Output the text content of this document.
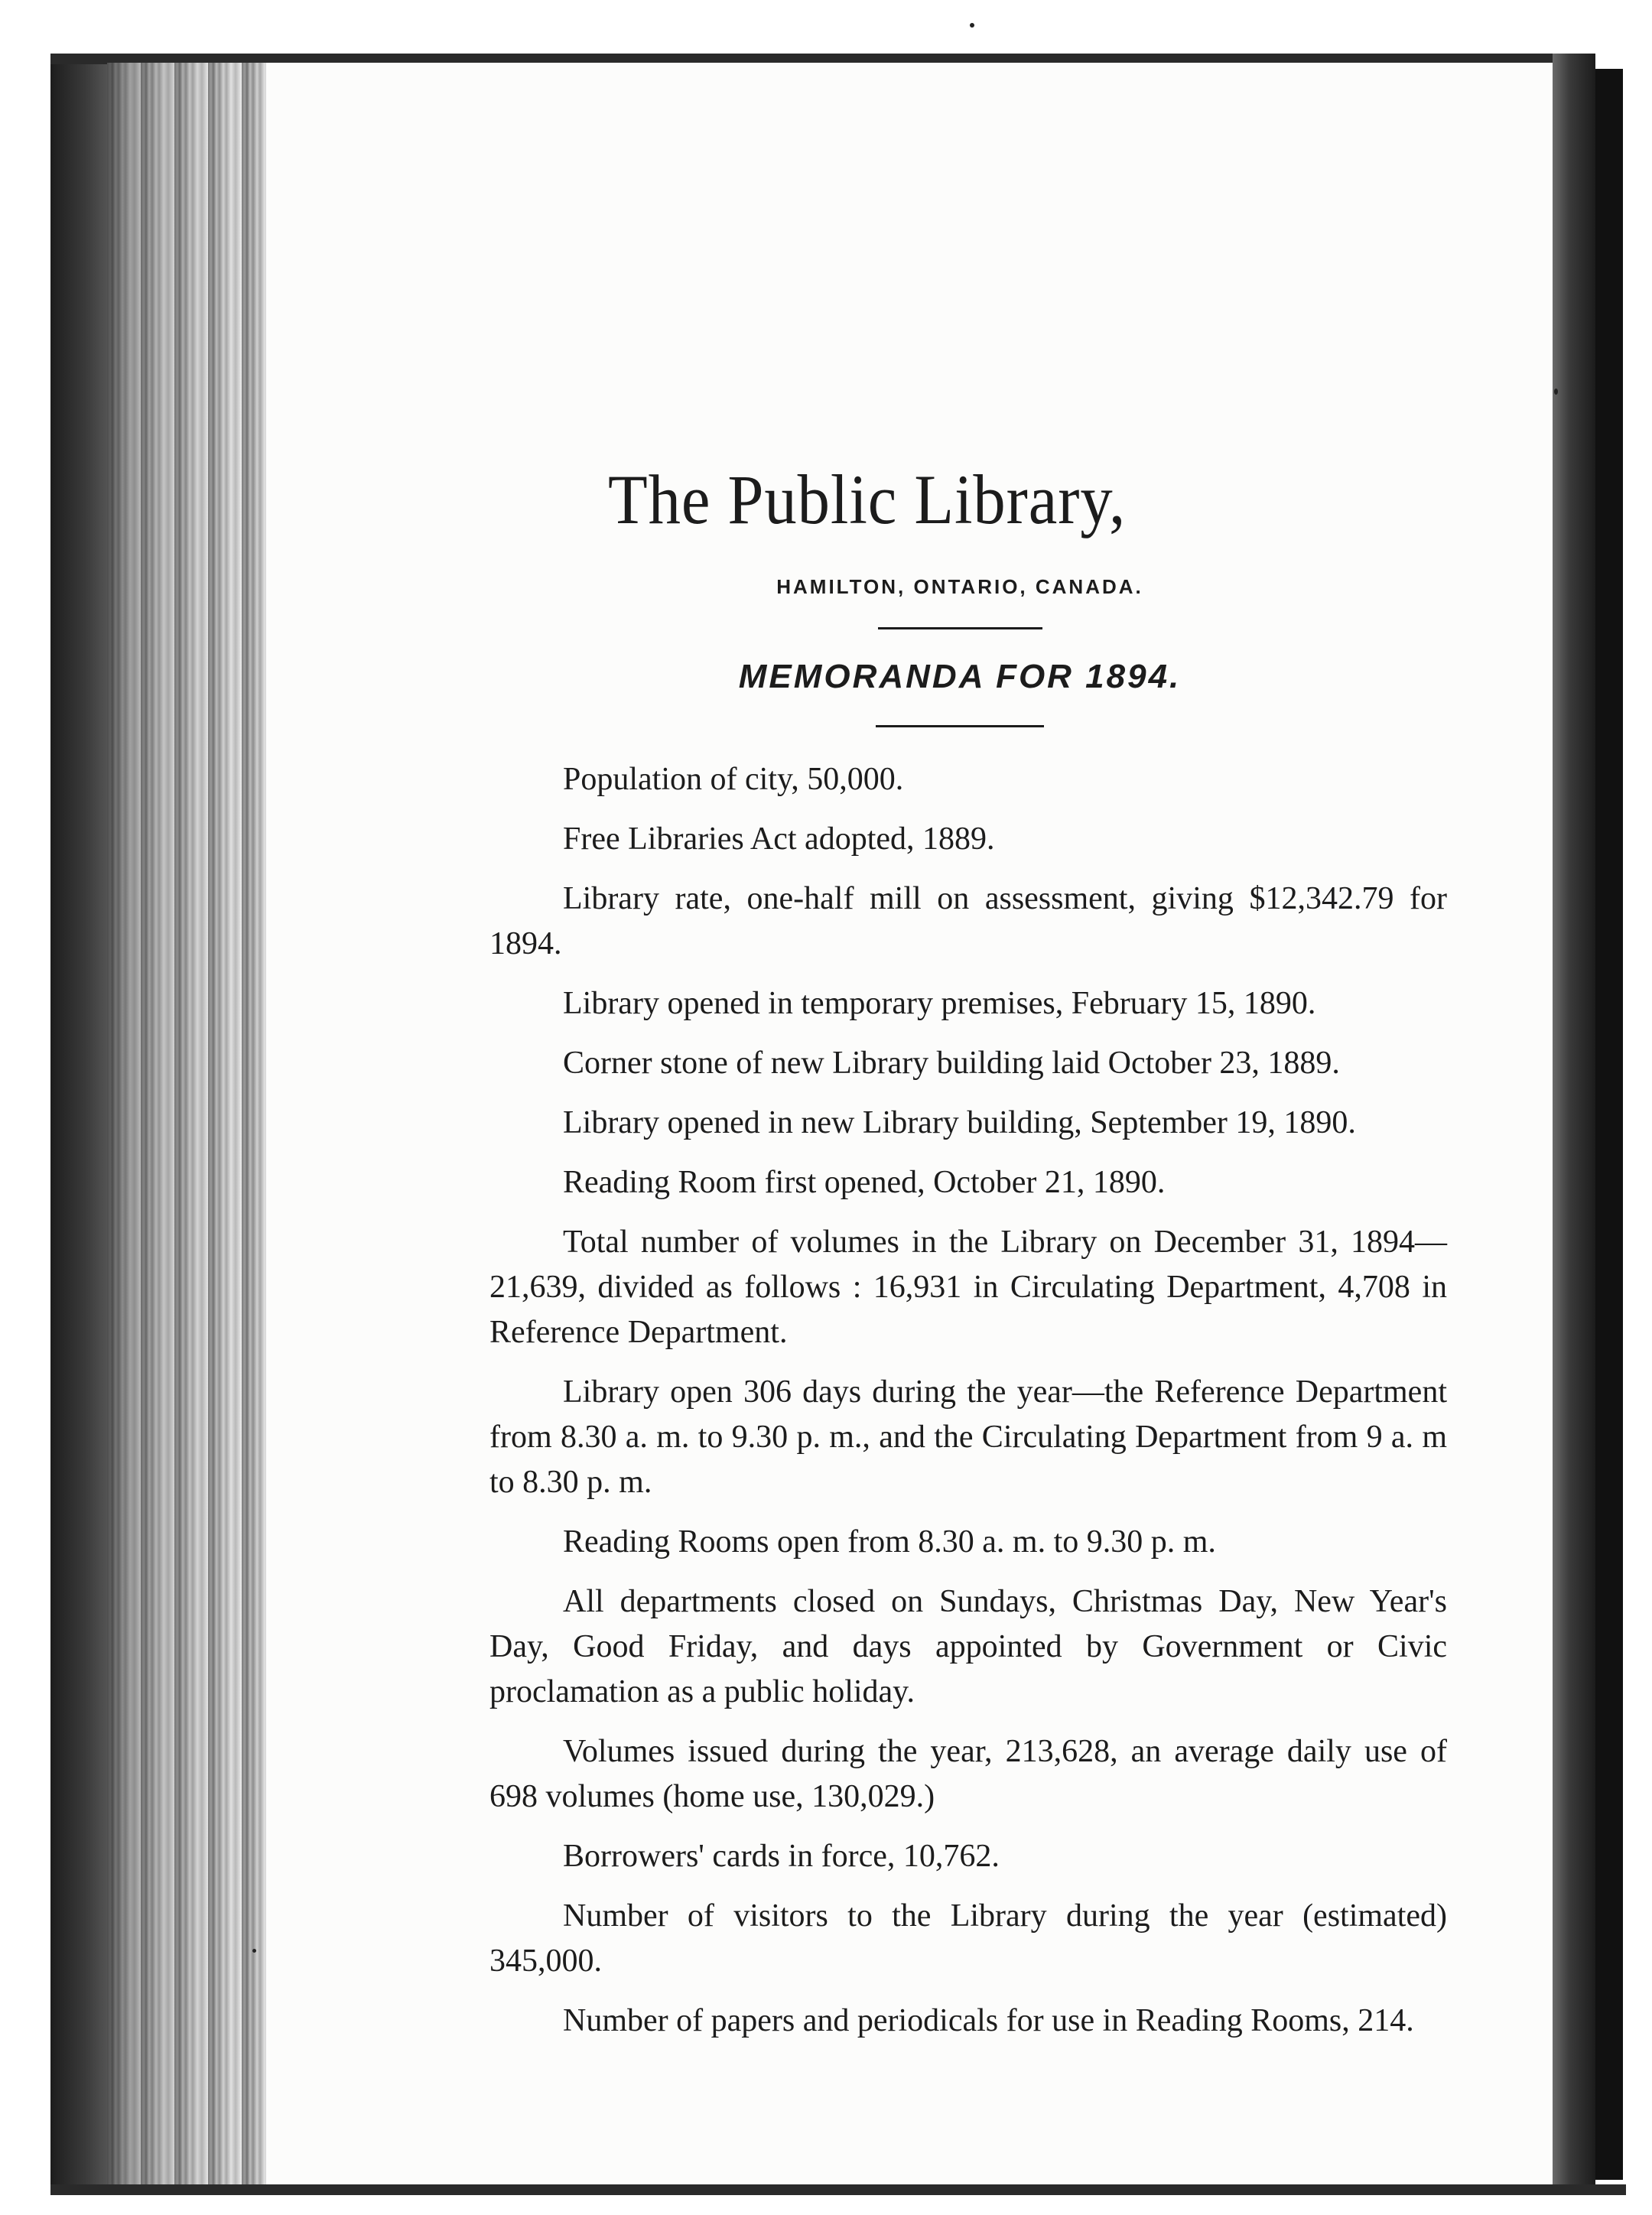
The Public Library,
HAMILTON, ONTARIO, CANADA.
MEMORANDA FOR 1894.
Population of city, 50,000.
Free Libraries Act adopted, 1889.
Library rate, one-half mill on assessment, giving $12,342.79 for 1894.
Library opened in temporary premises, February 15, 1890.
Corner stone of new Library building laid October 23, 1889.
Library opened in new Library building, September 19, 1890.
Reading Room first opened, October 21, 1890.
Total number of volumes in the Library on December 31, 1894—21,639, divided as follows : 16,931 in Circulating Department, 4,708 in Reference Department.
Library open 306 days during the year—the Reference Department from 8.30 a. m. to 9.30 p. m., and the Circulating Department from 9 a. m to 8.30 p. m.
Reading Rooms open from 8.30 a. m. to 9.30 p. m.
All departments closed on Sundays, Christmas Day, New Year's Day, Good Friday, and days appointed by Government or Civic proclamation as a public holiday.
Volumes issued during the year, 213,628, an average daily use of 698 volumes (home use, 130,029.)
Borrowers' cards in force, 10,762.
Number of visitors to the Library during the year (estimated) 345,000.
Number of papers and periodicals for use in Reading Rooms, 214.
